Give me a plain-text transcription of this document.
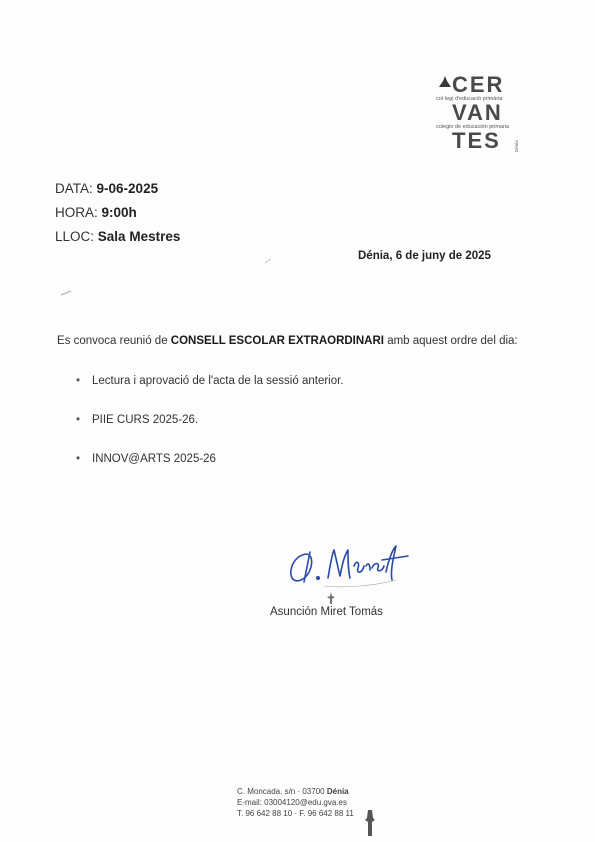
CER
col·legi d'educació primària
VAN
colegio de educación primaria
TES	Dénia
DATA: 9-06-2025
HORA: 9:00h
LLOC: Sala Mestres
Dénia, 6 de juny de 2025
Es convoca reunió de CONSELL ESCOLAR EXTRAORDINARI amb aquest ordre del dia:
• Lectura i aprovació de l'acta de la sessió anterior.
• PIIE CURS 2025-26.
• INNOV@ARTS 2025-26
Asunción Miret Tomás
C. Moncada, s/n · 03700 Dénia
E-mail: 03004120@edu.gva.es
T. 96 642 88 10 · F. 96 642 88 11
